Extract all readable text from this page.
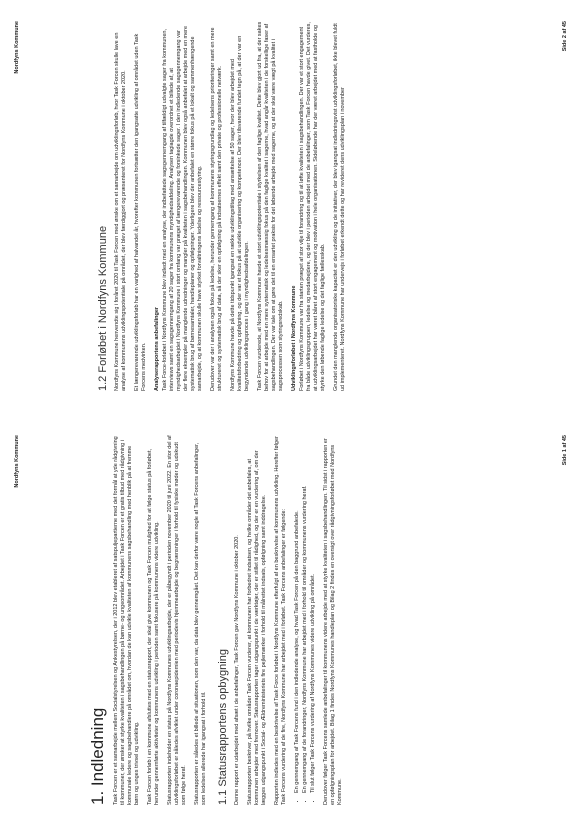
Nordfyns Kommune
1.2 Forløbet i Nordfyns Kommune Nordfyns Kommune henvendte sig i foråret 2020 til Task Forcen med ønske om et samarbejde om udviklingsforløb, hvor Task Forcen skulle lave en analyse af kommunens udviklingspotentiale på området, der blev færdiggjort og præsenteret for Nordfyns Kommune i oktober 2020. Et længerevarende udviklingsforløb har en varighed af halvandet år, hvorefter kommunen fortsætter den igangsatte udvikling af området uden Task Forcens medvirken. Analyserapportens anbefalinger Task Force-forløbet i Nordfyns Kommune blev indledt med en analyse, der indbefattede sagsgennemgang af tilfældigt udvalgte sager fra kommunen, interviews samt en sagsgennemgang af 20 sager fra kommunens myndighedsafdeling. Analysen tagiagde overordnet et billede af, at myndighedsarbejdet i Nordfyns Kommune i stort omfang var præget af længerevarende og forsinkede sager. I den indledende sagsgennemgang var der flere eksempler på manglende udredninger og mangler på kvaliteten i sagsbehandlingen. Kommunen blev også anbefalet at arbejde med en mere systematisk brug af børnesamtaler, handleplaner og opfølgninger. Yderligere blev der anbefalet en større fokus på et lokalt og sammenhængende samarbejde, og at kommunen skulle have styrket forvaltningens ledelse og ressourcestyring. Derudover var der i analysen også fokus på ledelse, herunder gennemgang af kommunens styringsgrundlag og ledelsens prioriteringer samt en mere struktureret og systematisk brug af data, så der sker en opfølgning på indsatsernes effekt samt den private og professionelle netværk. Nordfyns Kommune havde på dette tidspunkt igangsat en række udviklingstiltag med ansættelse af 50 sager, hvor der blev arbejdet med kvalitetsforbedring og opfølgning, og der var et fokus på at udvikle organisering og kompetencer. Der blev tilsvarende fundet tegn på, at der var en begyndende udviklingsproces i gang i myndighedsafdelingen. Task Forcen vurderede, at Nordfyns Kommune havde et stort udviklingspotentiale i styrkelsen af den faglige kvalitet. Dette blev gjort ud fra, at der sakes behov for at arbejde med en mere systematisk og ledelsesmæssig fokus på den faglige kvalitet i sagerne, hvad angår kvaliteten i de forskellige faser af sagsbehandlingen. Der var tale om at gøre det til en ensartet praksis for det løbende arbejde med sagerne, og at der skal være vægt på kvalitet i sagsprocessen som styringsredskab. Udviklingsforløbet i Nordfyns Kommune Forløbet i Nordfyns Kommune var fra starten præget af stor vilje til forandring og til at løfte kvaliteten i sagsbehandlingen. Der var et stort engagement fra både udviklingsgruppen, ledelse og medarbejdere, og der blev i perioden arbejdet med de anbefalinger, som Task Forcen havde givet. Det vurderes, at udviklingsarbejdet har været båret af stort engagement og motivation i hele organisationen. Sideløbende har der været arbejdet med at fastholde og styrke den løbende faglige ledelse og det faglige fællesskab. Grundet den manglende organisatoriske kapacitet er den udvikling og de initiativer, der blev igangsat indledningsvist udviklingsforløbet, ikke blevet fuldt ud implementeret. Nordfyns Kommune har undervejs i forløbet erkendt dette og har revideret dens udviklingsplan i november

Side 2 af 45
Nordfyns Kommune
1. Indledning Task Forcen er et samarbejde mellem Socialstyrelsen og Ankestyrelsen, der i 2012 blev etableret af satspuljepartierne med det formål at yde rådgivning til kommuner, der ønsker at styrke kvaliteten i sagsbehandlingen på børne- og ungeområdet. Arbejdet i Task Forcen er et gratis tilbud med rådgivning i kommunale ledere og sagsbehandlere på området om, hvordan de kan udvikle kvaliteten af kommunens sagsbehandling med henblik på at fremme børn og unges trivsel og udvikling. Task Forcen forløb i en kommune afsluttes med en statusrapport, der skal give kommunen og Task Forcen mulighed for at følge status på forløbet, herunder gennemførte aktiviteter og kommunens udvikling i perioden samt fokusere på kommunens videre udvikling. Statusrapporten indeholder en status på Nordfyns Kommunes udviklingsarbejde, der er påbegyndt i perioden november 2020 til juni 2022. En stor del af udviklingsforløbet er således afviklet under coronaepidemien med periodevis hjemmearbejde og begrænsninger i forhold til fysiske møder og udskudt som følge heraf. Statusrapporten er således et billede af situationen, som den var, da data blev gennemgået. Det kan derfor være nogle af Task Forcens anbefalinger, som ledelsen allerede har igangsat i forhold til. 1.1 Statusrapportens opbygning Denne rapport er udarbejdet med afsæt i de anbefalinger, Task Forcen gav Nordfyns Kommune i oktober 2020. Statusrapporten beskriver, på hvilke områder Task Forcen vurderer, at kommunen har forbedret indsatsen, og hvilke områder det anbefales, at kommunen arbejder med fremover. Statusrapporten tager udgangspunkt i de værktøjer, der er stillet til rådighed, og der er en vurdering af, om der lægges udgangspunkt i Social- og Ældreministeriets fire pejlemærker i forhold til målrettet indsats, opfølgning samt inddragelse. Rapporten indledes med en beskrivelse af Task Force forløbet i Nordfyns Kommune efterfulgt af en beskrivelse af kommunens udvikling. Herefter følger Task Forcens vurdering af de fire, Nordfyns Kommune har arbejdet med i forløbet. Task Forcens anbefalinger er følgende: • En gennemgang af Task Forcens fund i den indledende analyse, og hvad Task Forcen på den baggrund anbefalede. • En gennemgang af de forandringer, Nordfyns Kommune har arbejdet med i forhold til områder og kommunens vurdering heraf. • Til slut følger Task Forcens vurdering af Nordfyns Kommunes videre udvikling på området. Derudover følger Task Forcens samlede anbefalinger til kommunens videre arbejde med at styrke kvaliteten i sagsbehandlingen. Til sidst i rapporten er en opfølgningsplan for arbejdet. Bilag 1 findes Nordfyns Kommunes handleplan og Bilag 2 findes en oversigt over rådgivningsforløbet med Nordfyns Kommune.

Side 1 af 45
